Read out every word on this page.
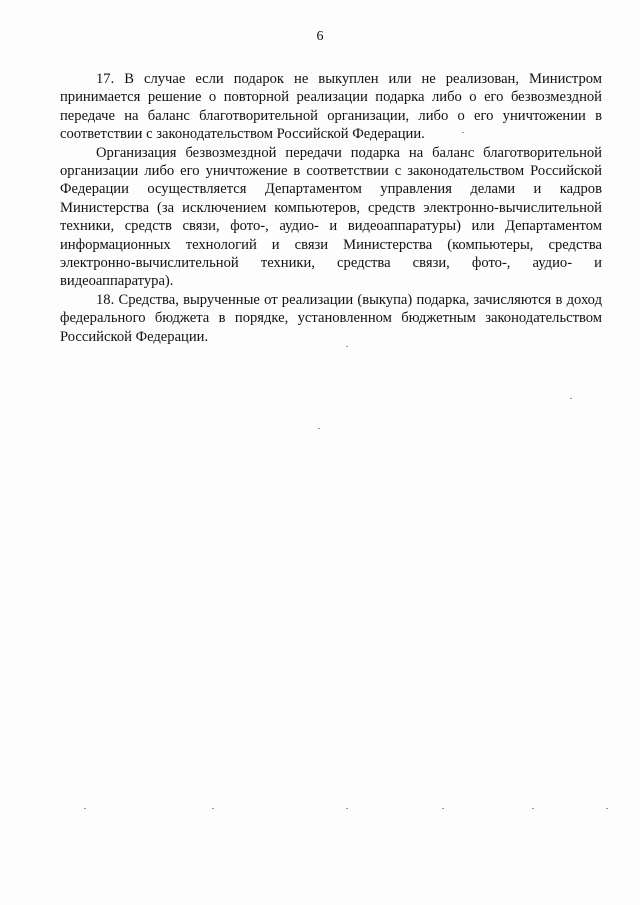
6

17. В случае если подарок не выкуплен или не реализован, Министром принимается решение о повторной реализации подарка либо о его безвозмездной передаче на баланс благотворительной организации, либо о его уничтожении в соответствии с законодательством Российской Федерации.

Организация безвозмездной передачи подарка на баланс благотворительной организации либо его уничтожение в соответствии с законодательством Российской Федерации осуществляется Департаментом управления делами и кадров Министерства (за исключением компьютеров, средств электронно-вычислительной техники, средств связи, фото-, аудио- и видеоаппаратуры) или Департаментом информационных технологий и связи Министерства (компьютеры, средства электронно-вычислительной техники, средства связи, фото-, аудио- и видеоаппаратура).

18. Средства, вырученные от реализации (выкупа) подарка, зачисляются в доход федерального бюджета в порядке, установленном бюджетным законодательством Российской Федерации.
